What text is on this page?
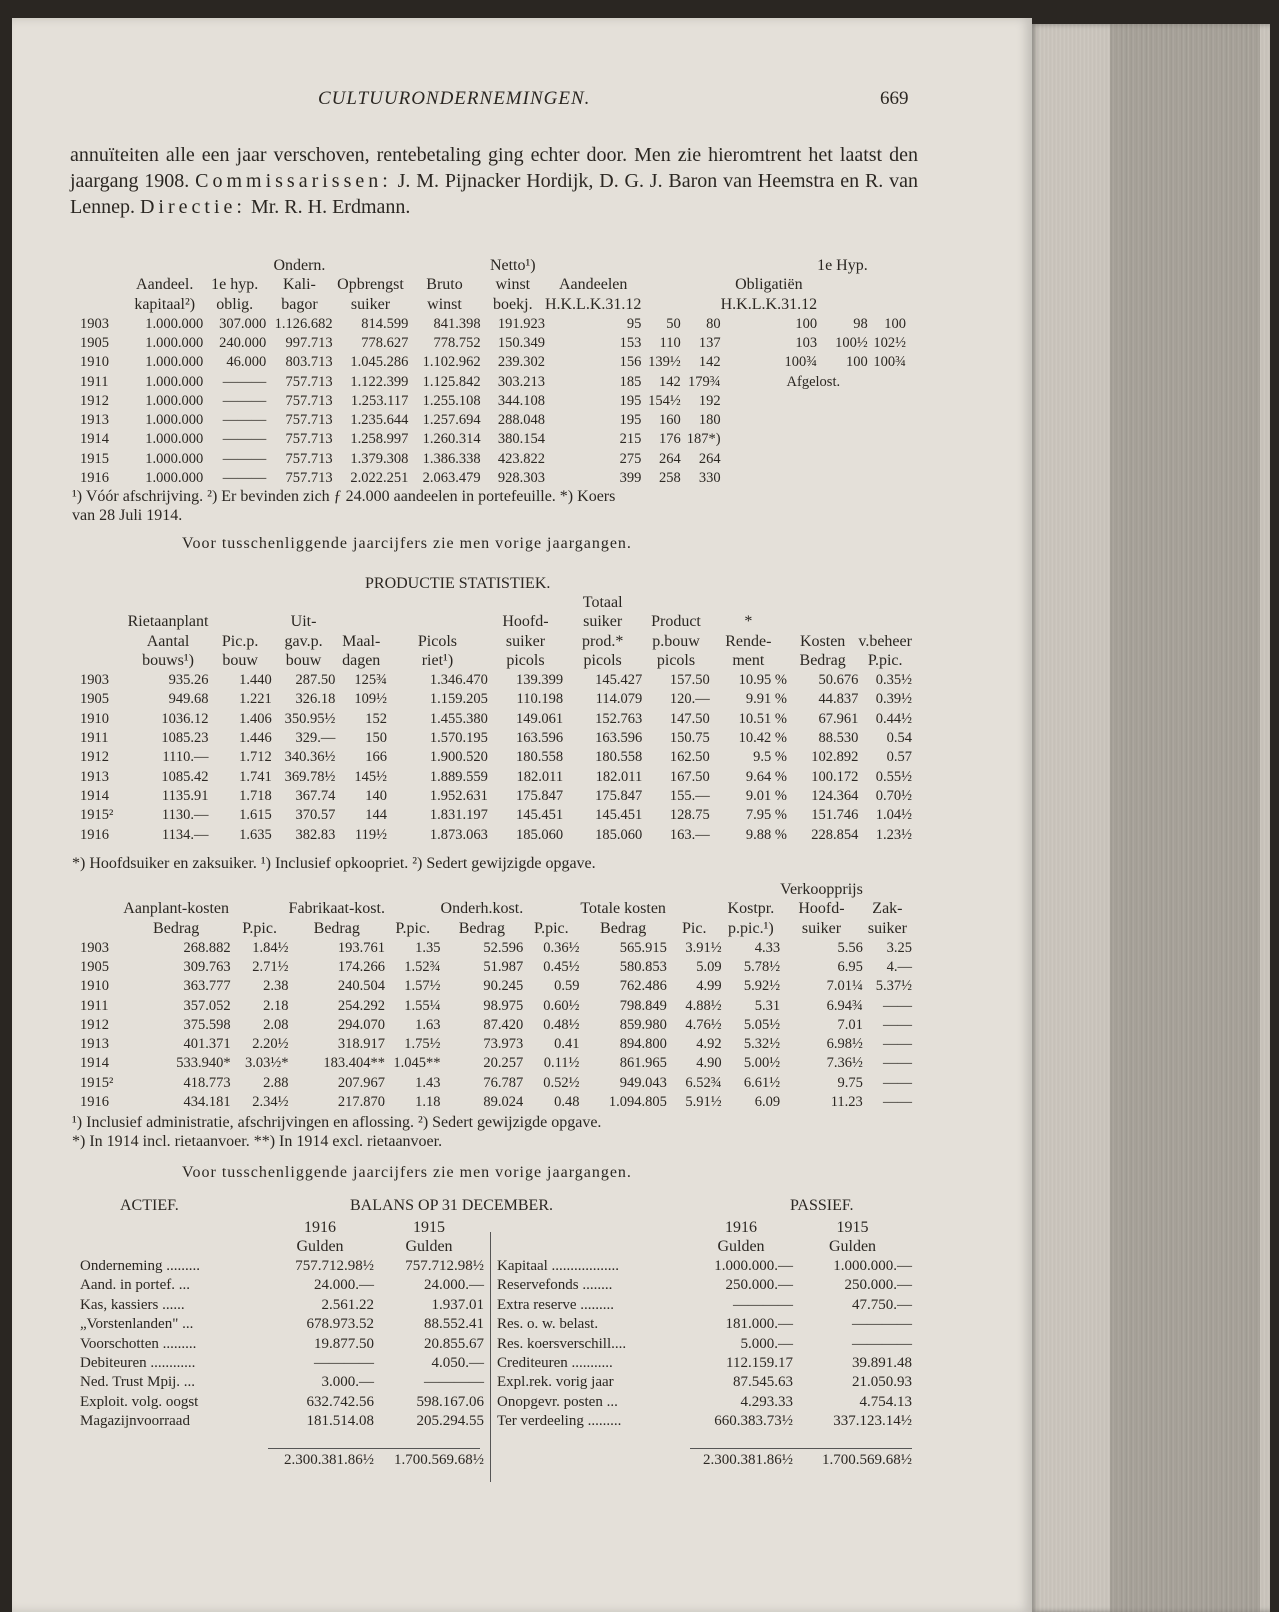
CULTUURONDERNEMINGEN.	669
annuïteiten alle een jaar verschoven, rentebetaling ging echter door. Men zie hieromtrent het laatst den jaargang 1908. Commissarissen: J. M. Pijnacker Hordijk, D. G. J. Baron van Heemstra en R. van Lennep. Directie: Mr. R. H. Erdmann.
			Ondern.			Netto¹)					1e Hyp.	
	Aandeel.	1e hyp.	Kali-	Opbrengst	Bruto	winst	Aandeelen			Obligatiën		
	kapitaal²)	oblig.	bagor	suiker	winst	boekj.	H.K.L.K.31.12			H.K.L.K.31.12		
1903	1.000.000	307.000	1.126.682	814.599	841.398	191.923	95	50	80	100	98	100
1905	1.000.000	240.000	997.713	778.627	778.752	150.349	153	110	137	103	100½	102½
1910	1.000.000	46.000	803.713	1.045.286	1.102.962	239.302	156	139½	142	100¾	100	100¾
1911	1.000.000	———	757.713	1.122.399	1.125.842	303.213	185	142	179¾	Afgelost.		
1912	1.000.000	———	757.713	1.253.117	1.255.108	344.108	195	154½	192			
1913	1.000.000	———	757.713	1.235.644	1.257.694	288.048	195	160	180			
1914	1.000.000	———	757.713	1.258.997	1.260.314	380.154	215	176	187*)			
1915	1.000.000	———	757.713	1.379.308	1.386.338	423.822	275	264	264			
1916	1.000.000	———	757.713	2.022.251	2.063.479	928.303	399	258	330			
¹) Vóór afschrijving. ²) Er bevinden zich ƒ 24.000 aandeelen in portefeuille. *) Koers
van 28 Juli 1914.
Voor tusschenliggende jaarcijfers zie men vorige jaargangen.
PRODUCTIE STATISTIEK.
							Totaal				
	Rietaanplant		Uit-			Hoofd-	suiker	Product	*		
	Aantal	Pic.p.	gav.p.	Maal-	Picols	suiker	prod.*	p.bouw	Rende-	Kosten	v.beheer
	bouws¹)	bouw	bouw	dagen	riet¹)	picols	picols	picols	ment	Bedrag	P.pic.
1903	935.26	1.440	287.50	125¾	1.346.470	139.399	145.427	157.50	10.95 %	50.676	0.35½
1905	949.68	1.221	326.18	109½	1.159.205	110.198	114.079	120.—	9.91 %	44.837	0.39½
1910	1036.12	1.406	350.95½	152	1.455.380	149.061	152.763	147.50	10.51 %	67.961	0.44½
1911	1085.23	1.446	329.—	150	1.570.195	163.596	163.596	150.75	10.42 %	88.530	0.54
1912	1110.—	1.712	340.36½	166	1.900.520	180.558	180.558	162.50	9.5 %	102.892	0.57
1913	1085.42	1.741	369.78½	145½	1.889.559	182.011	182.011	167.50	9.64 %	100.172	0.55½
1914	1135.91	1.718	367.74	140	1.952.631	175.847	175.847	155.—	9.01 %	124.364	0.70½
1915²	1130.—	1.615	370.57	144	1.831.197	145.451	145.451	128.75	7.95 %	151.746	1.04½
1916	1134.—	1.635	382.83	119½	1.873.063	185.060	185.060	163.—	9.88 %	228.854	1.23½
*) Hoofdsuiker en zaksuiker. ¹) Inclusief opkoopriet. ²) Sedert gewijzigde opgave.
										Verkoopprijs	
	Aanplant-kosten		Fabrikaat-kost.		Onderh.kost.		Totale kosten		Kostpr.	Hoofd-	Zak-
	Bedrag	P.pic.	Bedrag	P.pic.	Bedrag	P.pic.	Bedrag	Pic.	p.pic.¹)	suiker	suiker
1903	268.882	1.84½	193.761	1.35	52.596	0.36½	565.915	3.91½	4.33	5.56	3.25
1905	309.763	2.71½	174.266	1.52¾	51.987	0.45½	580.853	5.09	5.78½	6.95	4.—
1910	363.777	2.38	240.504	1.57½	90.245	0.59	762.486	4.99	5.92½	7.01¼	5.37½
1911	357.052	2.18	254.292	1.55¼	98.975	0.60½	798.849	4.88½	5.31	6.94¾	——
1912	375.598	2.08	294.070	1.63	87.420	0.48½	859.980	4.76½	5.05½	7.01	——
1913	401.371	2.20½	318.917	1.75½	73.973	0.41	894.800	4.92	5.32½	6.98½	——
1914	533.940*	3.03½*	183.404**	1.045**	20.257	0.11½	861.965	4.90	5.00½	7.36½	——
1915²	418.773	2.88	207.967	1.43	76.787	0.52½	949.043	6.52¾	6.61½	9.75	——
1916	434.181	2.34½	217.870	1.18	89.024	0.48	1.094.805	5.91½	6.09	11.23	——
¹) Inclusief administratie, afschrijvingen en aflossing. ²) Sedert gewijzigde opgave.
*) In 1914 incl. rietaanvoer. **) In 1914 excl. rietaanvoer.
Voor tusschenliggende jaarcijfers zie men vorige jaargangen.
ACTIEF.	BALANS OP 31 DECEMBER.	PASSIEF.
	1916	1915
	Gulden	Gulden
Onderneming .........	757.712.98½	757.712.98½
Aand. in portef. ...	24.000.—	24.000.—
Kas, kassiers ......	2.561.22	1.937.01
„Vorstenlanden" ...	678.973.52	88.552.41
Voorschotten .........	19.877.50	20.855.67
Debiteuren ............	————	4.050.—
Ned. Trust Mpij. ...	3.000.—	————
Exploit. volg. oogst	632.742.56	598.167.06
Magazijnvoorraad	181.514.08	205.294.55

	2.300.381.86½	1.700.569.68½
	1916	1915
	Gulden	Gulden
Kapitaal ..................	1.000.000.—	1.000.000.—
Reservefonds ........	250.000.—	250.000.—
Extra reserve .........	————	47.750.—
Res. o. w. belast.	181.000.—	————
Res. koersverschill....	5.000.—	————
Crediteuren ...........	112.159.17	39.891.48
Expl.rek. vorig jaar	87.545.63	21.050.93
Onopgevr. posten ...	4.293.33	4.754.13
Ter verdeeling .........	660.383.73½	337.123.14½

	2.300.381.86½	1.700.569.68½
